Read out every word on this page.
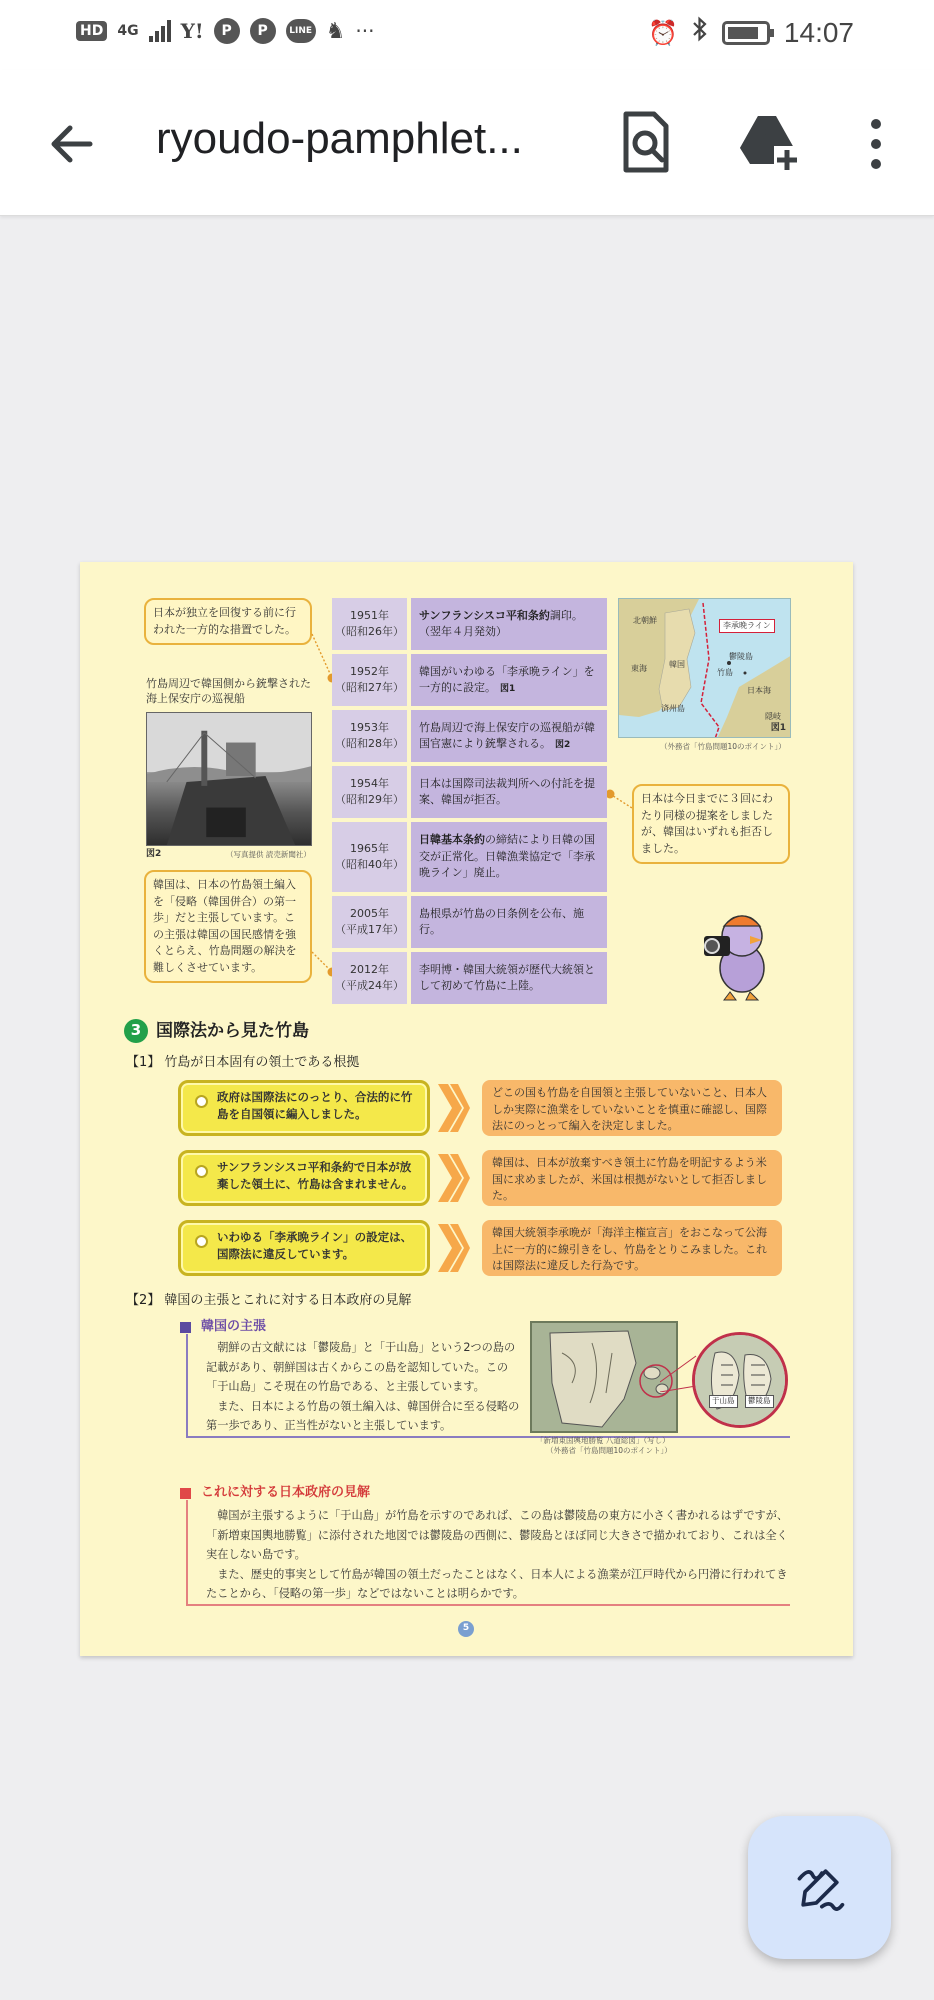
HD 4G Y!	P	P	LINE ♞ ···	⏰	14:07
ryoudo-pamphlet...
日本が独立を回復する前に行われた一方的な措置でした。
竹島周辺で韓国側から銃撃された海上保安庁の巡視船
図2	（写真提供 読売新聞社）
韓国は、日本の竹島領土編入を「侵略（韓国併合）の第一歩」だと主張しています。この主張は韓国の国民感情を強くとらえ、竹島問題の解決を難しくさせています。
1951年
（昭和26年）
サンフランシスコ平和条約調印。（翌年４月発効）
1952年
（昭和27年）
韓国がいわゆる「李承晩ライン」を一方的に設定。 図1
1953年
（昭和28年）
竹島周辺で海上保安庁の巡視船が韓国官憲により銃撃される。 図2
1954年
（昭和29年）
日本は国際司法裁判所への付託を提案、韓国が拒否。
1965年
（昭和40年）
日韓基本条約の締結により日韓の国交が正常化。日韓漁業協定で「李承晩ライン」廃止。
2005年
（平成17年）
島根県が竹島の日条例を公布、施行。
2012年
（平成24年）
李明博・韓国大統領が歴代大統領として初めて竹島に上陸。
北朝鮮
韓国
東海
済州島
鬱陵島
竹島
日本海
隠岐
李承晩ライン
図1
（外務省「竹島問題10のポイント」）
日本は今日までに３回にわたり同様の提案をしましたが、韓国はいずれも拒否しました。
3 国際法から見た竹島
【1】 竹島が日本固有の領土である根拠
政府は国際法にのっとり、合法的に竹島を自国領に編入しました。
どこの国も竹島を自国領と主張していないこと、日本人しか実際に漁業をしていないことを慎重に確認し、国際法にのっとって編入を決定しました。
サンフランシスコ平和条約で日本が放棄した領土に、竹島は含まれません。
韓国は、日本が放棄すべき領土に竹島を明記するよう米国に求めましたが、米国は根拠がないとして拒否しました。
いわゆる「李承晩ライン」の設定は、国際法に違反しています。
韓国大統領李承晩が「海洋主権宣言」をおこなって公海上に一方的に線引きをし、竹島をとりこみました。これは国際法に違反した行為です。
【2】 韓国の主張とこれに対する日本政府の見解
韓国の主張

朝鮮の古文献には「鬱陵島」と「于山島」という2つの島の記載があり、朝鮮国は古くからこの島を認知していた。この「于山島」こそ現在の竹島である、と主張しています。

また、日本による竹島の領土編入は、韓国併合に至る侵略の第一歩であり、正当性がないと主張しています。

于山島	鬱陵島
「新増東国輿地勝覧 八道総図」（写し）
（外務省「竹島問題10のポイント」）
これに対する日本政府の見解

韓国が主張するように「于山島」が竹島を示すのであれば、この島は鬱陵島の東方に小さく書かれるはずですが、「新増東国輿地勝覧」に添付された地図では鬱陵島の西側に、鬱陵島とほぼ同じ大きさで描かれており、これは全く実在しない島です。

また、歴史的事実として竹島が韓国の領土だったことはなく、日本人による漁業が江戸時代から円滑に行われてきたことから、「侵略の第一歩」などではないことは明らかです。

5
